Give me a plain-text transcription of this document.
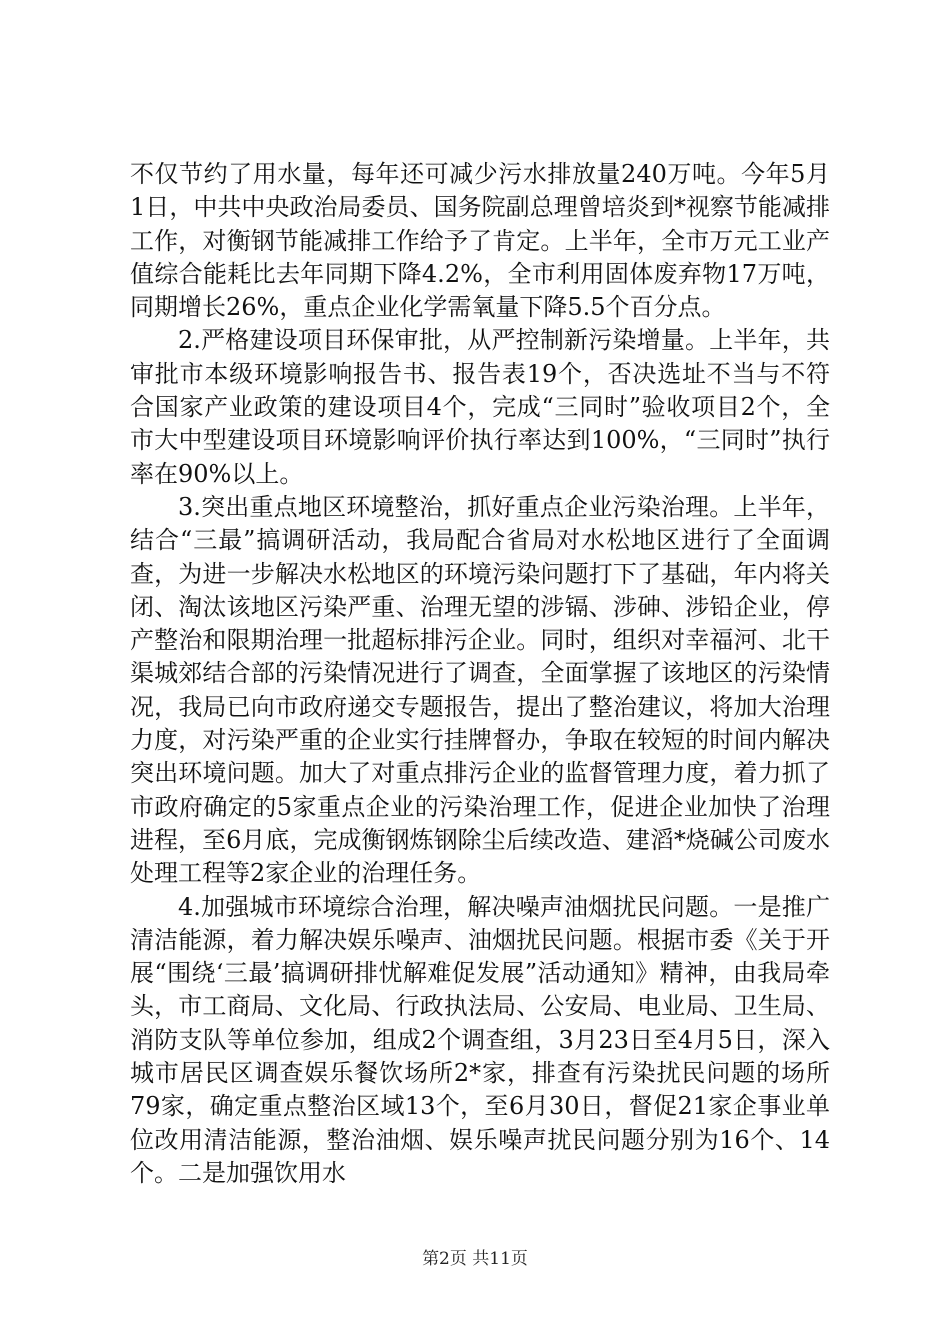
不仅节约了用水量，每年还可减少污水排放量240万吨。今年5月1日，中共中央政治局委员、国务院副总理曾培炎到*视察节能减排工作，对衡钢节能减排工作给予了肯定。上半年，全市万元工业产值综合能耗比去年同期下降4.2%，全市利用固体废弃物17万吨，同期增长26%，重点企业化学需氧量下降5.5个百分点。

2.严格建设项目环保审批，从严控制新污染增量。上半年，共审批市本级环境影响报告书、报告表19个，否决选址不当与不符合国家产业政策的建设项目4个，完成“三同时”验收项目2个，全市大中型建设项目环境影响评价执行率达到100%，“三同时”执行率在90%以上。

3.突出重点地区环境整治，抓好重点企业污染治理。上半年，结合“三最”搞调研活动，我局配合省局对水松地区进行了全面调查，为进一步解决水松地区的环境污染问题打下了基础，年内将关闭、淘汰该地区污染严重、治理无望的涉镉、涉砷、涉铅企业，停产整治和限期治理一批超标排污企业。同时，组织对幸福河、北干渠城郊结合部的污染情况进行了调查，全面掌握了该地区的污染情况，我局已向市政府递交专题报告，提出了整治建议，将加大治理力度，对污染严重的企业实行挂牌督办，争取在较短的时间内解决突出环境问题。加大了对重点排污企业的监督管理力度，着力抓了市政府确定的5家重点企业的污染治理工作，促进企业加快了治理进程，至6月底，完成衡钢炼钢除尘后续改造、建滔*烧碱公司废水处理工程等2家企业的治理任务。

4.加强城市环境综合治理，解决噪声油烟扰民问题。一是推广清洁能源，着力解决娱乐噪声、油烟扰民问题。根据市委《关于开展“围绕‘三最’搞调研排忧解难促发展”活动通知》精神，由我局牵头，市工商局、文化局、行政执法局、公安局、电业局、卫生局、消防支队等单位参加，组成2个调查组，3月23日至4月5日，深入城市居民区调查娱乐餐饮场所2*家，排查有污染扰民问题的场所79家，确定重点整治区域13个，至6月30日，督促21家企事业单位改用清洁能源，整治油烟、娱乐噪声扰民问题分别为16个、14个。二是加强饮用水

第2页 共11页
